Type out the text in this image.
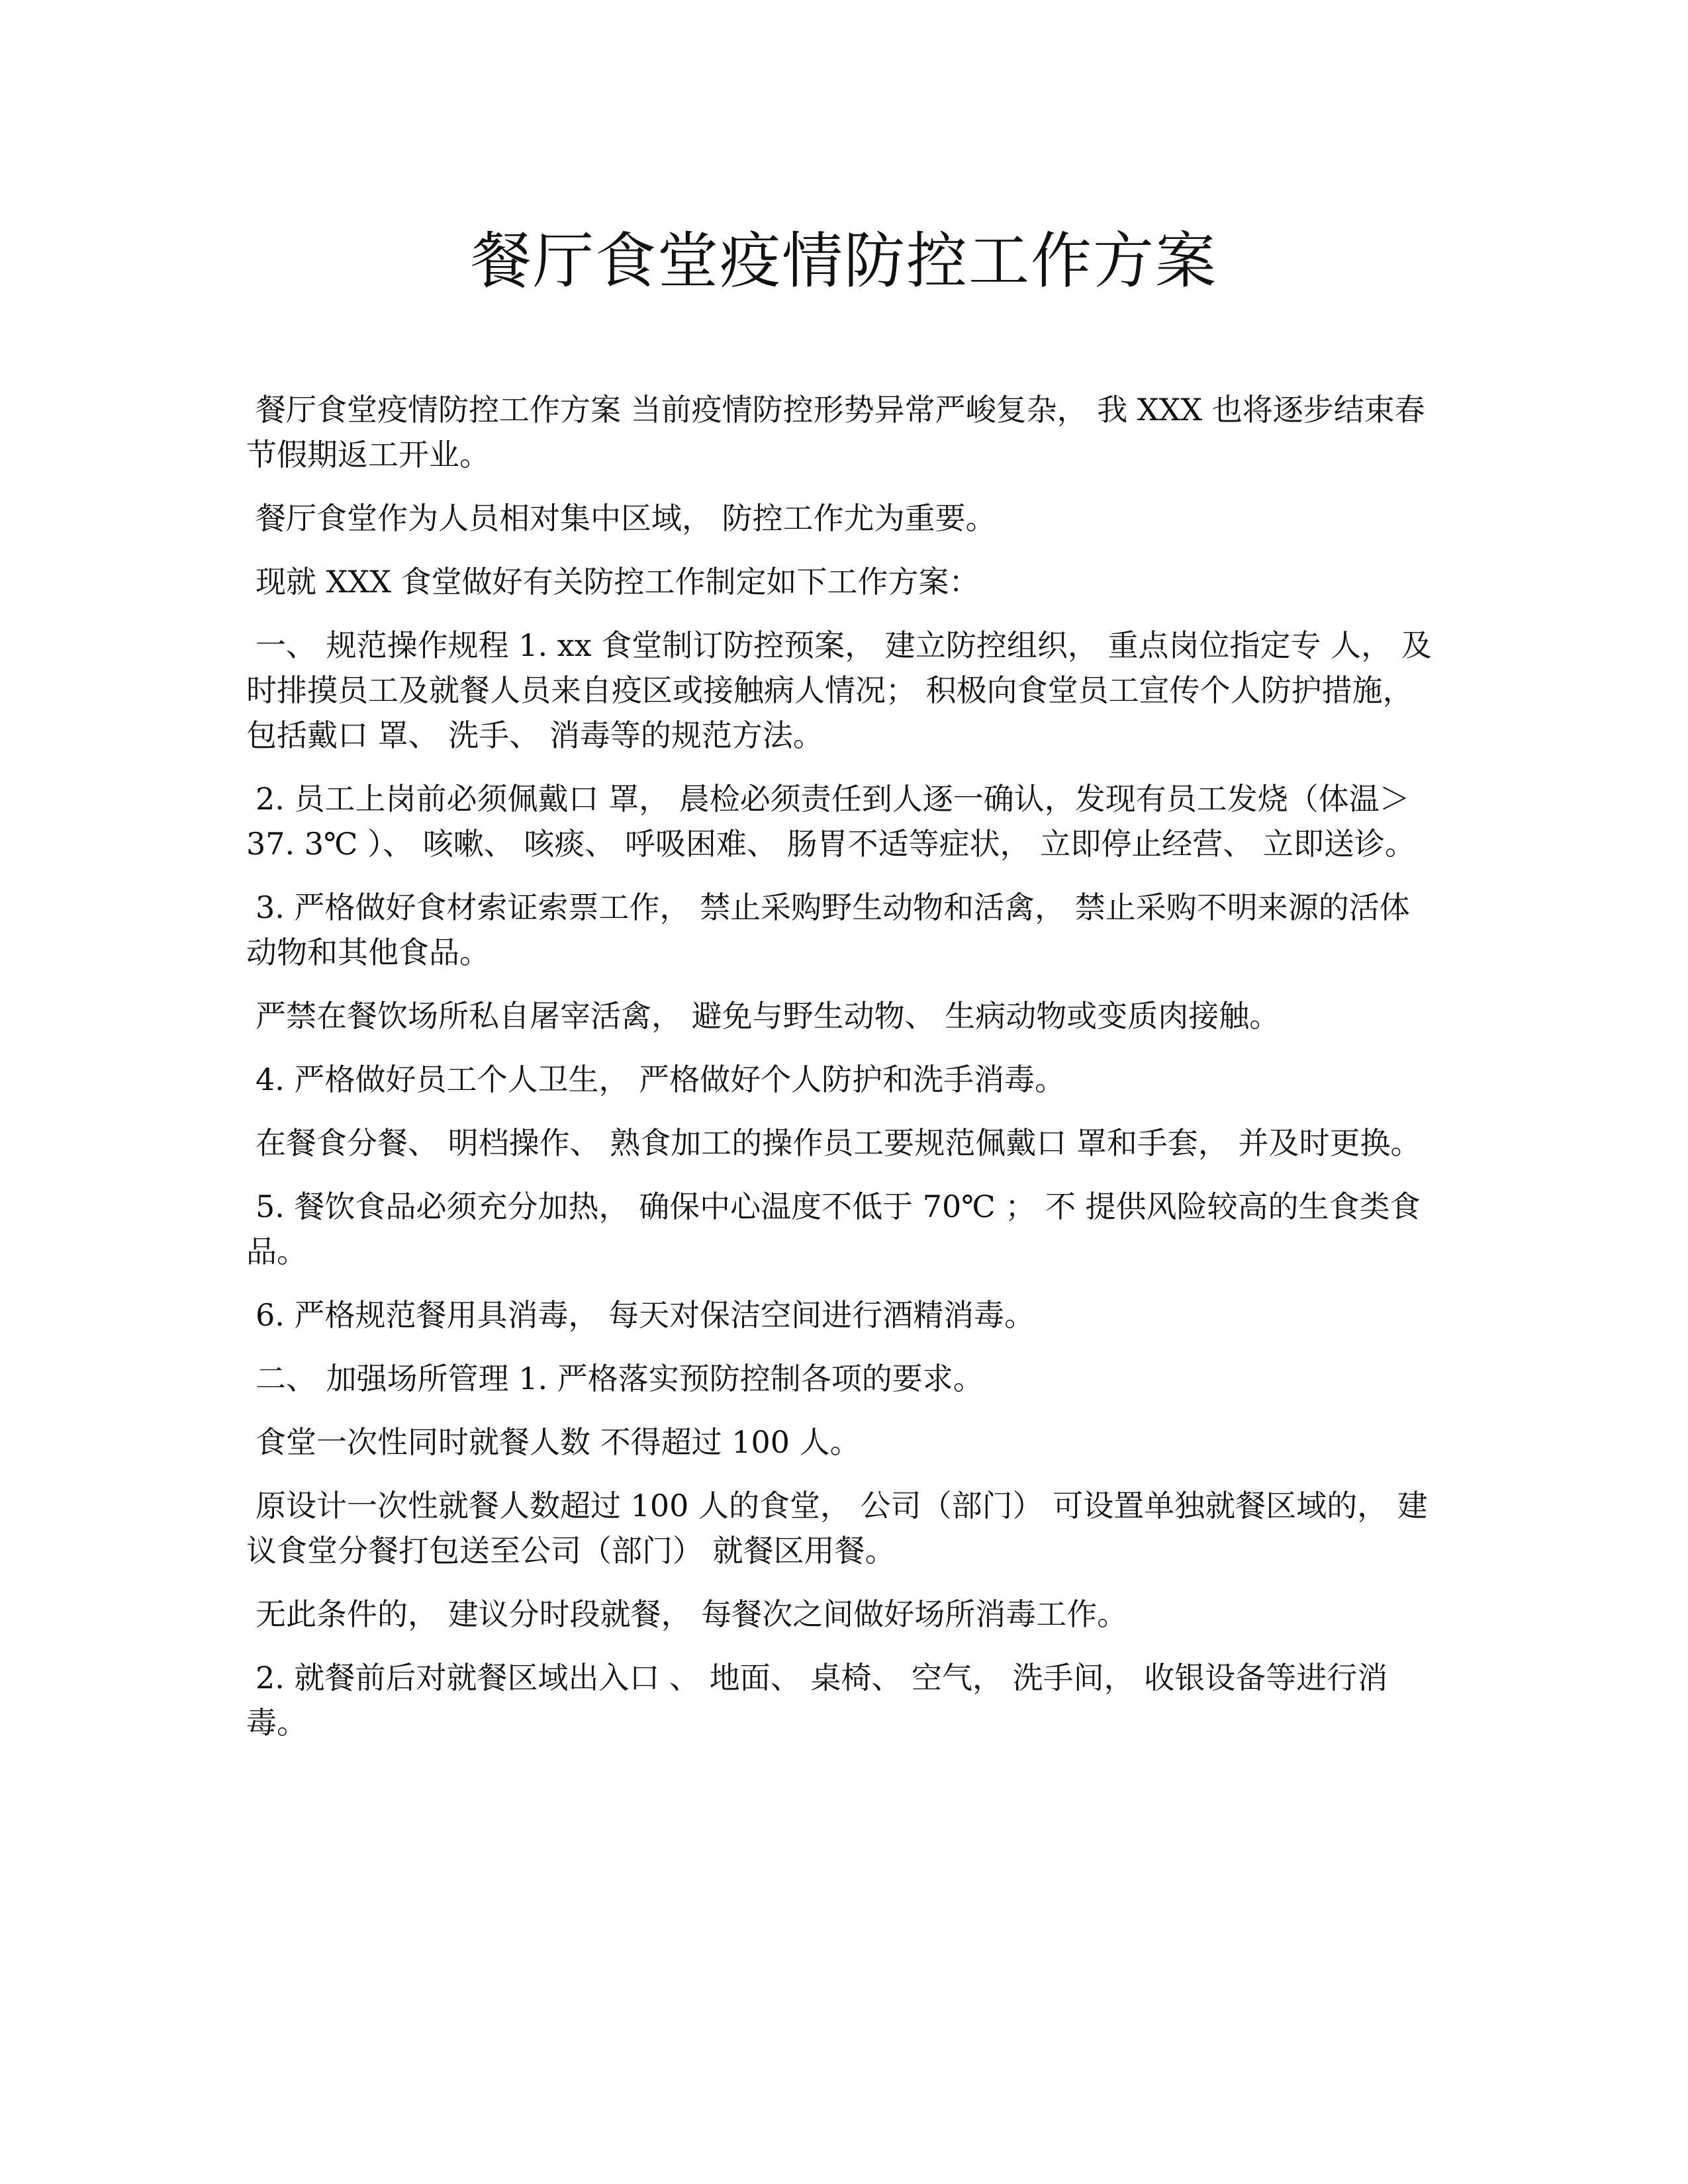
餐厅食堂疫情防控工作方案

餐厅食堂疫情防控工作方案 当前疫情防控形势异常严峻复杂， 我 XXX 也将逐步结束春节假期返工开业。

餐厅食堂作为人员相对集中区域， 防控工作尤为重要。

现就 XXX 食堂做好有关防控工作制定如下工作方案：

一、 规范操作规程 1. xx 食堂制订防控预案， 建立防控组织， 重点岗位指定专 人， 及时排摸员工及就餐人员来自疫区或接触病人情况； 积极向食堂员工宣传个人防护措施， 包括戴口 罩、 洗手、 消毒等的规范方法。

2. 员工上岗前必须佩戴口 罩， 晨检必须责任到人逐一确认，发现有员工发烧（体温＞ 37. 3℃ ）、 咳嗽、 咳痰、 呼吸困难、 肠胃不适等症状， 立即停止经营、 立即送诊。

3. 严格做好食材索证索票工作， 禁止采购野生动物和活禽， 禁止采购不明来源的活体动物和其他食品。

严禁在餐饮场所私自屠宰活禽， 避免与野生动物、 生病动物或变质肉接触。

4. 严格做好员工个人卫生， 严格做好个人防护和洗手消毒。

在餐食分餐、 明档操作、 熟食加工的操作员工要规范佩戴口 罩和手套， 并及时更换。

5. 餐饮食品必须充分加热， 确保中心温度不低于 70℃ ； 不 提供风险较高的生食类食品。

6. 严格规范餐用具消毒， 每天对保洁空间进行酒精消毒。

二、 加强场所管理 1. 严格落实预防控制各项的要求。

食堂一次性同时就餐人数 不得超过 100 人。

原设计一次性就餐人数超过 100 人的食堂， 公司（部门） 可设置单独就餐区域的， 建议食堂分餐打包送至公司（部门） 就餐区用餐。

无此条件的， 建议分时段就餐， 每餐次之间做好场所消毒工作。

2. 就餐前后对就餐区域出入口 、 地面、 桌椅、 空气， 洗手间， 收银设备等进行消毒。
